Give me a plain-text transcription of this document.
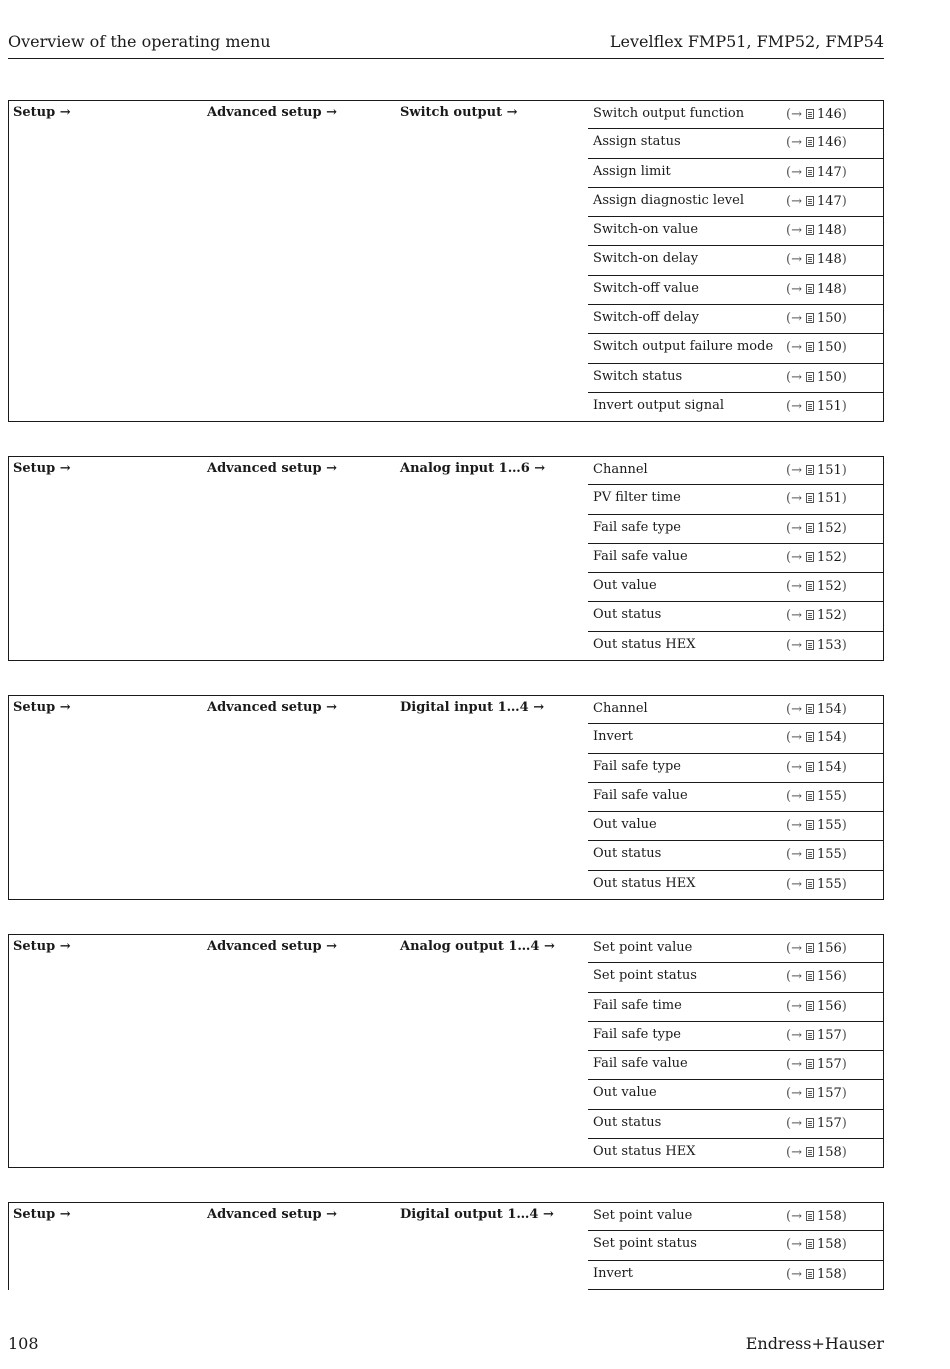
Overview of the operating menu	Levelflex FMP51, FMP52, FMP54
Setup →	Advanced setup →	Switch output →	Switch output function	(→ 146)
Assign status	(→ 146)
Assign limit	(→ 147)
Assign diagnostic level	(→ 147)
Switch-on value	(→ 148)
Switch-on delay	(→ 148)
Switch-off value	(→ 148)
Switch-off delay	(→ 150)
Switch output failure mode (→ 150)
Switch status	(→ 150)
Invert output signal	(→ 151)
Setup →	Advanced setup →	Analog input 1…6 →	Channel	(→ 151)
PV filter time	(→ 151)
Fail safe type	(→ 152)
Fail safe value	(→ 152)
Out value	(→ 152)
Out status	(→ 152)
Out status HEX	(→ 153)
Setup →	Advanced setup →	Digital input 1…4 →	Channel	(→ 154)
Invert	(→ 154)
Fail safe type	(→ 154)
Fail safe value	(→ 155)
Out value	(→ 155)
Out status	(→ 155)
Out status HEX	(→ 155)
Setup →	Advanced setup →	Analog output 1…4 →	Set point value	(→ 156)
Set point status	(→ 156)
Fail safe time	(→ 156)
Fail safe type	(→ 157)
Fail safe value	(→ 157)
Out value	(→ 157)
Out status	(→ 157)
Out status HEX	(→ 158)
Setup →	Advanced setup →	Digital output 1…4 →	Set point value	(→ 158)
Set point status	(→ 158)
Invert	(→ 158)
108	Endress+Hauser
